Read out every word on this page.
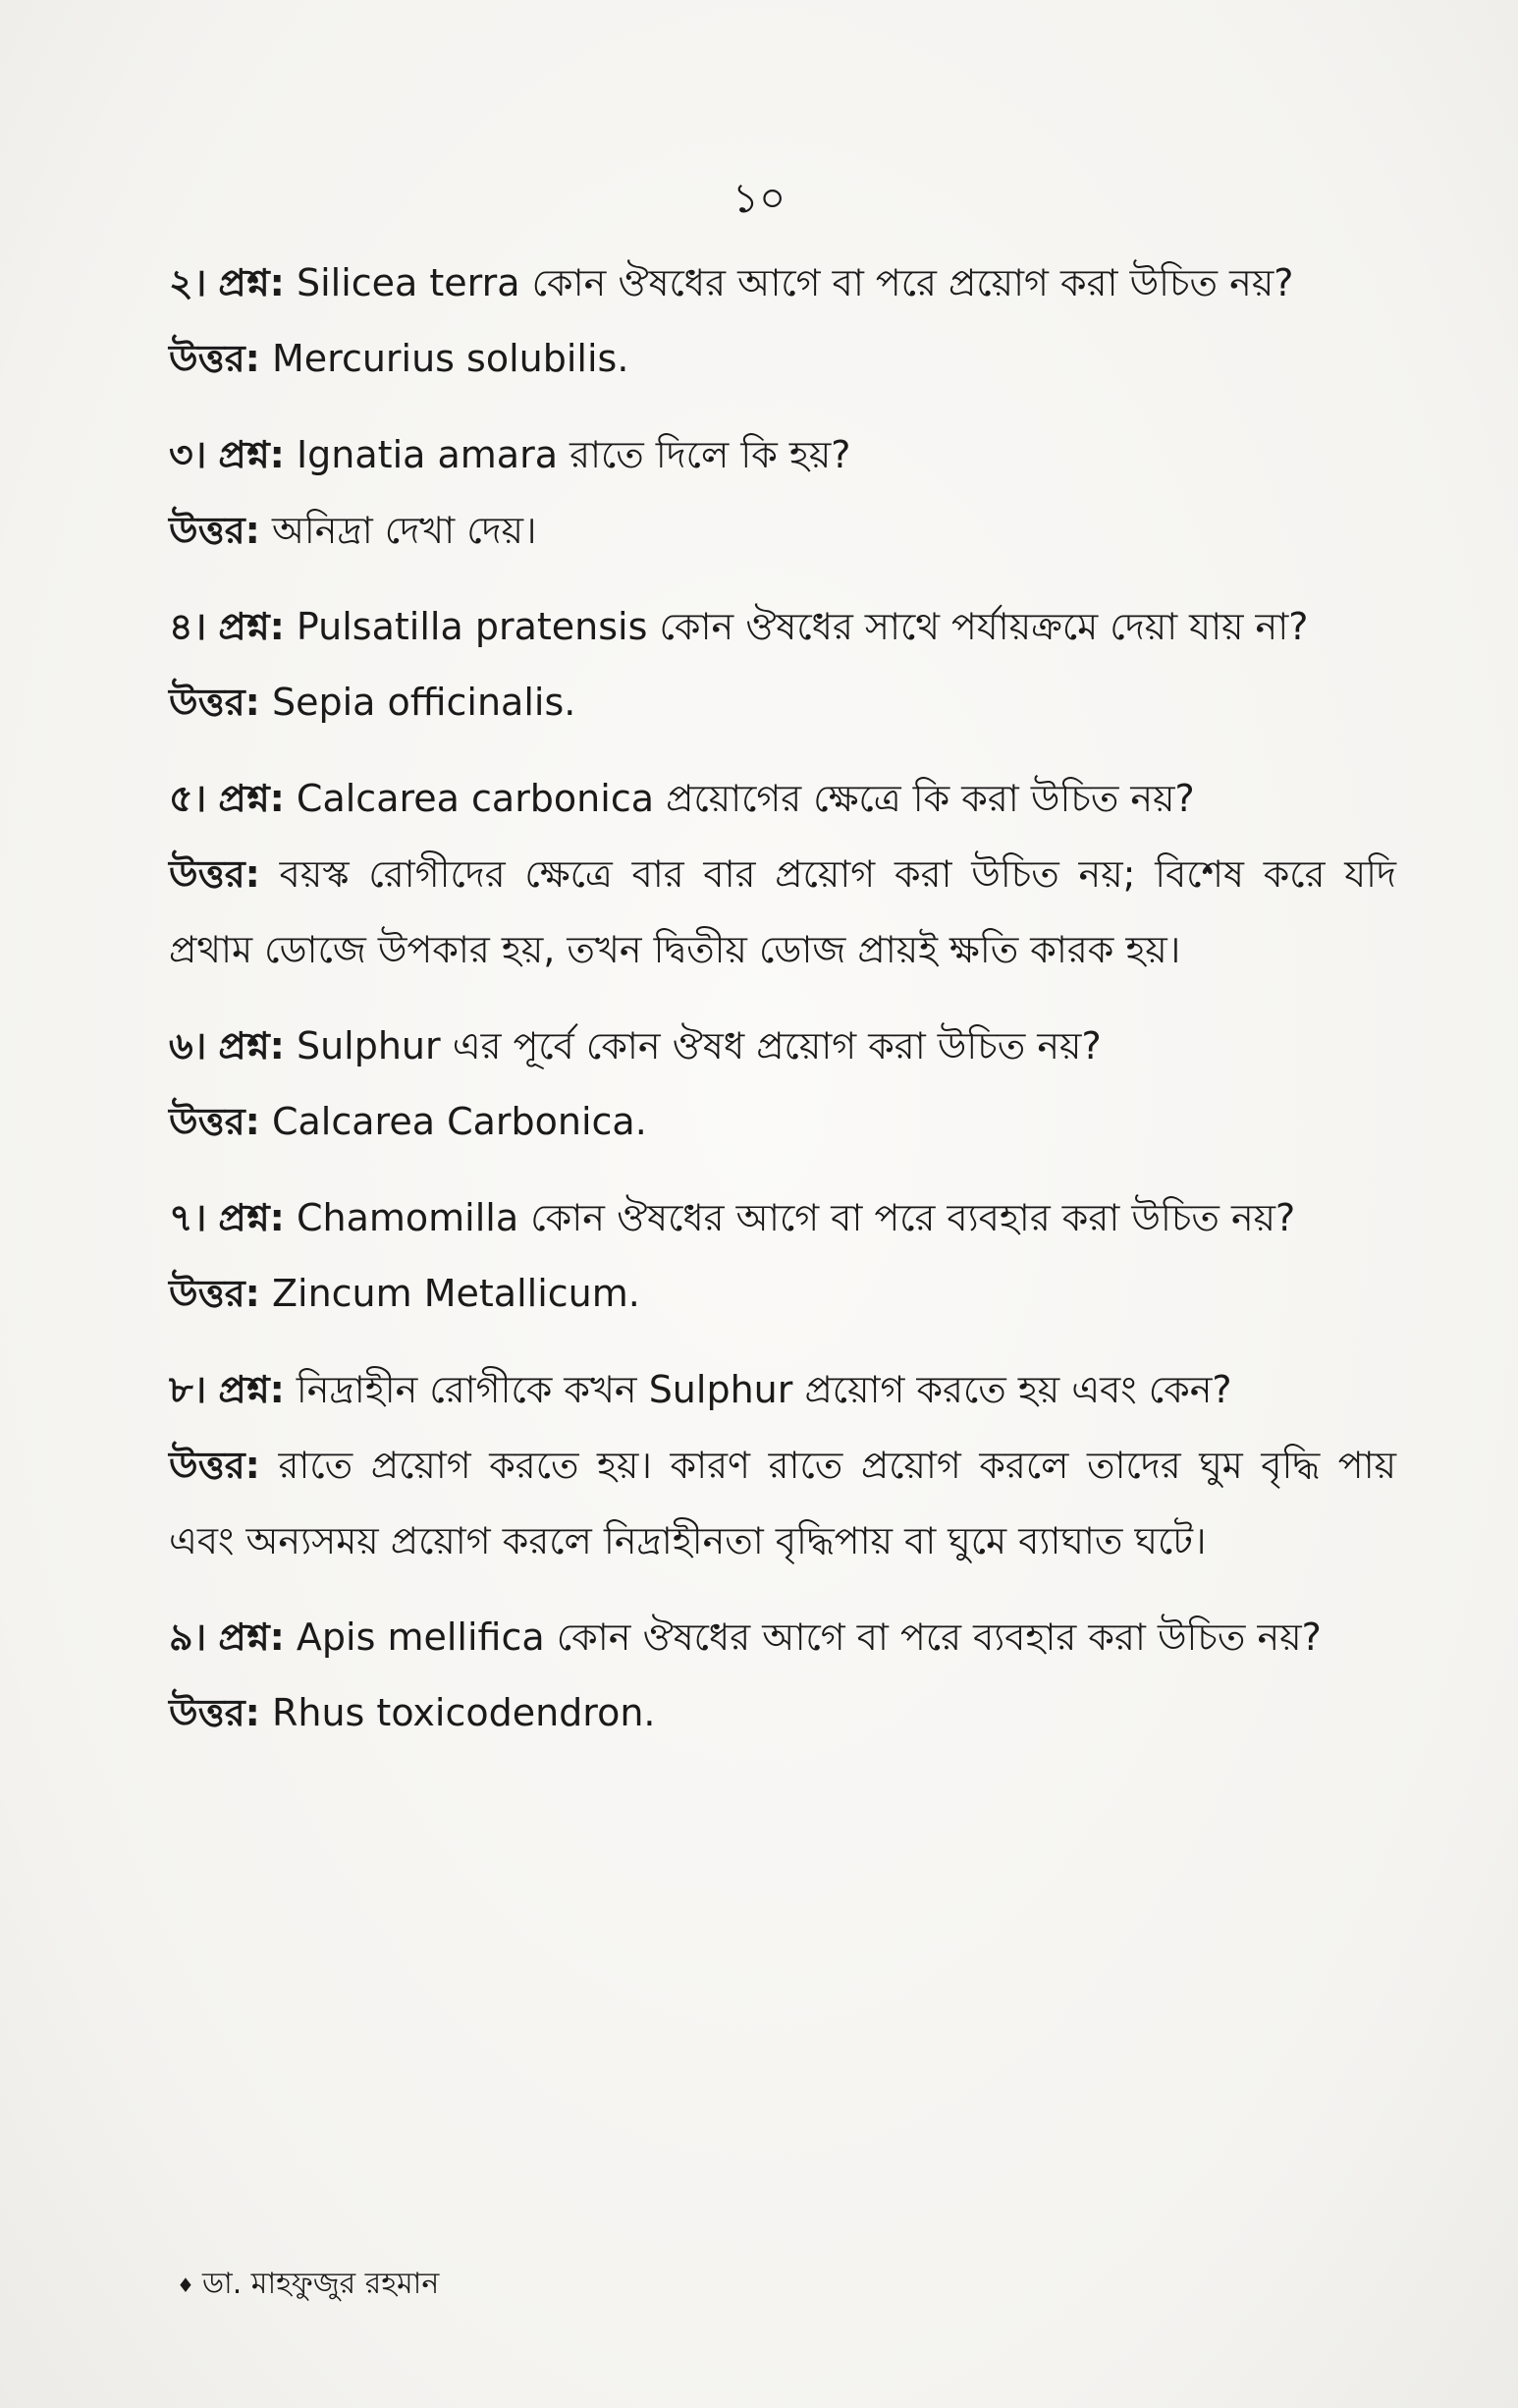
১০

২। প্রশ্ন: Silicea terra কোন ঔষধের আগে বা পরে প্রয়োগ করা উচিত নয়?

উত্তর: Mercurius solubilis.

৩। প্রশ্ন: Ignatia amara রাতে দিলে কি হয়?

উত্তর: অনিদ্রা দেখা দেয়।

৪। প্রশ্ন: Pulsatilla pratensis কোন ঔষধের সাথে পর্যায়ক্রমে দেয়া যায় না?

উত্তর: Sepia officinalis.

৫। প্রশ্ন: Calcarea carbonica প্রয়োগের ক্ষেত্রে কি করা উচিত নয়?

উত্তর: বয়স্ক রোগীদের ক্ষেত্রে বার বার প্রয়োগ করা উচিত নয়; বিশেষ করে যদি প্রথাম ডোজে উপকার হয়, তখন দ্বিতীয় ডোজ প্রায়ই ক্ষতি কারক হয়।

৬। প্রশ্ন: Sulphur এর পূর্বে কোন ঔষধ প্রয়োগ করা উচিত নয়?

উত্তর: Calcarea Carbonica.

৭। প্রশ্ন: Chamomilla কোন ঔষধের আগে বা পরে ব্যবহার করা উচিত নয়?

উত্তর: Zincum Metallicum.

৮। প্রশ্ন: নিদ্রাহীন রোগীকে কখন Sulphur প্রয়োগ করতে হয় এবং কেন?

উত্তর: রাতে প্রয়োগ করতে হয়। কারণ রাতে প্রয়োগ করলে তাদের ঘুম বৃদ্ধি পায় এবং অন্যসময় প্রয়োগ করলে নিদ্রাহীনতা বৃদ্ধিপায় বা ঘুমে ব্যাঘাত ঘটে।

৯। প্রশ্ন: Apis mellifica কোন ঔষধের আগে বা পরে ব্যবহার করা উচিত নয়?

উত্তর: Rhus toxicodendron.

♦ ডা. মাহফুজুর রহমান
